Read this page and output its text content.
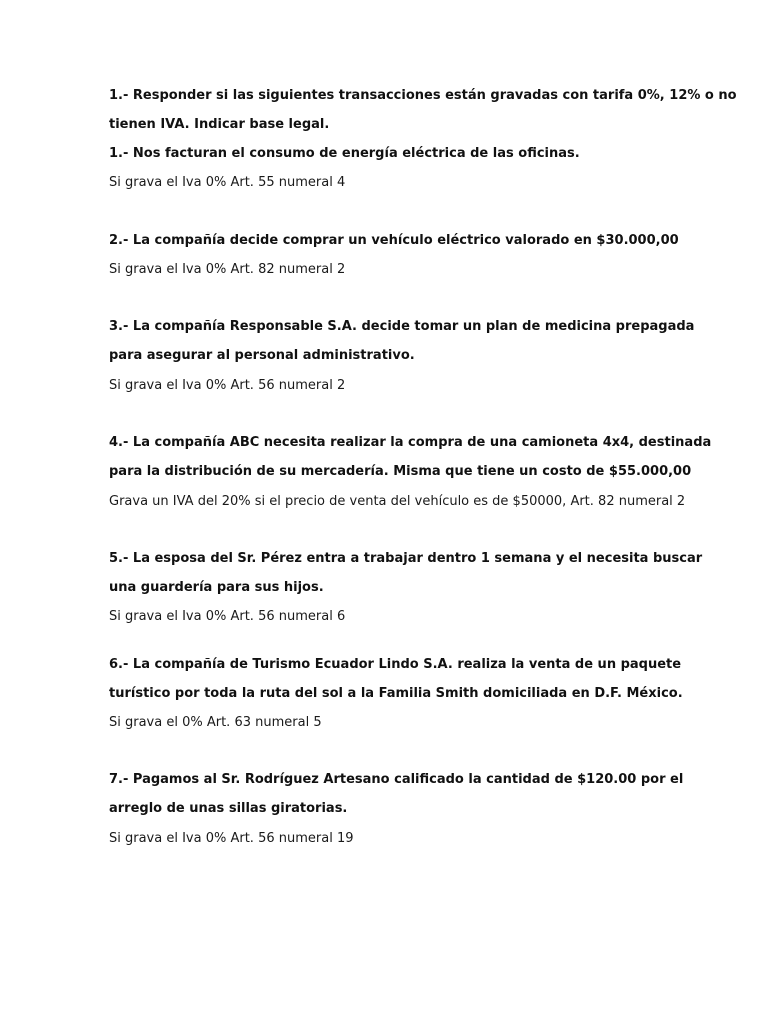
1.- Responder si las siguientes transacciones están gravadas con tarifa 0%, 12% o no
tienen IVA. Indicar base legal.
1.- Nos facturan el consumo de energía eléctrica de las oficinas.
Si grava el Iva 0% Art. 55 numeral 4
2.- La compañía decide comprar un vehículo eléctrico valorado en $30.000,00
Si grava el Iva 0% Art. 82 numeral 2
3.- La compañía Responsable S.A. decide tomar un plan de medicina prepagada
para asegurar al personal administrativo.
Si grava el Iva 0% Art. 56 numeral 2
4.- La compañía ABC necesita realizar la compra de una camioneta 4x4, destinada
para la distribución de su mercadería. Misma que tiene un costo de $55.000,00
Grava un IVA del 20% si el precio de venta del vehículo es de $50000, Art. 82 numeral 2
5.- La esposa del Sr. Pérez entra a trabajar dentro 1 semana y el necesita buscar
una guardería para sus hijos.
Si grava el Iva 0% Art. 56 numeral 6
6.- La compañía de Turismo Ecuador Lindo S.A. realiza la venta de un paquete
turístico por toda la ruta del sol a la Familia Smith domiciliada en D.F. México.
Si grava el 0% Art. 63 numeral 5
7.- Pagamos al Sr. Rodríguez Artesano calificado la cantidad de $120.00 por el
arreglo de unas sillas giratorias.
Si grava el Iva 0% Art. 56 numeral 19
